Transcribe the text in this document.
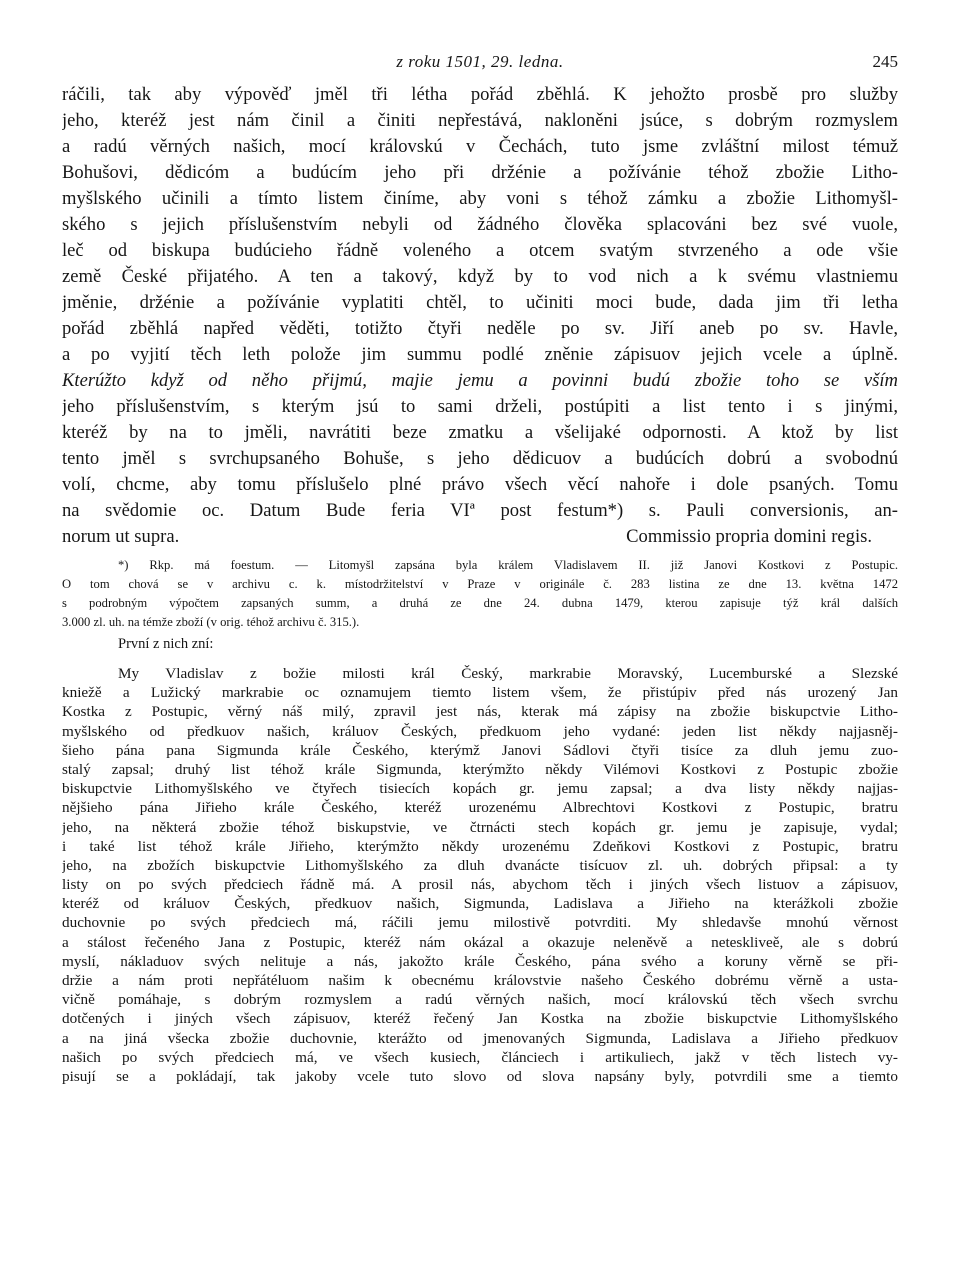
z roku 1501, 29. ledna.	245
ráčili, tak aby výpověď jměl tři létha pořád zběhlá. K jehožto prosbě pro služby
jeho, kteréž jest nám činil a činiti nepřestává, nakloněni jsúce, s dobrým rozmyslem
a radú věrných našich, mocí královskú v Čechách, tuto jsme zvláštní milost témuž
Bohušovi, dědicóm a budúcím jeho při držénie a požívánie téhož zbožie Litho-
myšlského učinili a tímto listem činíme, aby voni s téhož zámku a zbožie Lithomyšl-
ského s jejich příslušenstvím nebyli od žádného člověka splacováni bez své vuole,
leč od biskupa budúcieho řádně voleného a otcem svatým stvrzeného a ode všie
země České přijatého. A ten a takový, když by to vod nich a k svému vlastniemu
jměnie, držénie a požívánie vyplatiti chtěl, to učiniti moci bude, dada jim tři letha
pořád zběhlá napřed věděti, totižto čtyři neděle po sv. Jiří aneb po sv. Havle,
a po vyjití těch leth polože jim summu podlé zněnie zápisuov jejich vcele a úplně.
Kterúžto když od něho přijmú, majie jemu a povinni budú zbožie toho se vším
jeho příslušenstvím, s kterým jsú to sami drželi, postúpiti a list tento i s jinými,
kteréž by na to jměli, navrátiti beze zmatku a všelijaké odpornosti. A ktož by list
tento jměl s svrchupsaného Bohuše, s jeho dědicuov a budúcích dobrú a svobodnú
volí, chcme, aby tomu příslušelo plné právo všech věcí nahoře i dole psaných. Tomu
na svědomie oc. Datum Bude feria VIª post festum*) s. Pauli conversionis, an-
norum ut supra.	Commissio propria domini regis.
*) Rkp. má foestum. — Litomyšl zapsána byla králem Vladislavem II. již Janovi Kostkovi z Postupic.
O tom chová se v archivu c. k. místodržitelství v Praze v originále č. 283 listina ze dne 13. května 1472
s podrobným výpočtem zapsaných summ, a druhá ze dne 24. dubna 1479, kterou zapisuje týž král dalších
3.000 zl. uh. na témže zboží (v orig. téhož archivu č. 315.).
První z nich zní:
My Vladislav z božie milosti král Český, markrabie Moravský, Lucemburské a Slezské
kniežě a Lužický markrabie oc oznamujem tiemto listem všem, že přistúpiv před nás urozený Jan
Kostka z Postupic, věrný náš milý, zpravil jest nás, kterak má zápisy na zbožie biskupctvie Litho-
myšlského od předkuov našich, králuov Českých, předkuom jeho vydané: jeden list někdy najjasněj-
šieho pána pana Sigmunda krále Českého, kterýmž Janovi Sádlovi čtyři tisíce za dluh jemu zuo-
stalý zapsal; druhý list téhož krále Sigmunda, kterýmžto někdy Vilémovi Kostkovi z Postupic zbožie
biskupctvie Lithomyšlského ve čtyřech tisiecích kopách gr. jemu zapsal; a dva listy někdy najjas-
nějšieho pána Jiřieho krále Českého, kteréž urozenému Albrechtovi Kostkovi z Postupic, bratru
jeho, na některá zbožie téhož biskupstvie, ve čtrnácti stech kopách gr. jemu je zapisuje, vydal;
i také list téhož krále Jiřieho, kterýmžto někdy urozenému Zdeňkovi Kostkovi z Postupic, bratru
jeho, na zbožích biskupctvie Lithomyšlského za dluh dvanácte tisícuov zl. uh. dobrých připsal: a ty
listy on po svých předciech řádně má. A prosil nás, abychom těch i jiných všech listuov a zápisuov,
kteréž od králuov Českých, předkuov našich, Sigmunda, Ladislava a Jiřieho na kterážkoli zbožie
duchovnie po svých předciech má, ráčili jemu milostivě potvrditi. My shledavše mnohú věrnost
a stálost řečeného Jana z Postupic, kteréž nám okázal a okazuje neleněvě a neteskliveě, ale s dobrú
myslí, nákladuov svých nelituje a nás, jakožto krále Českého, pána svého a koruny věrně se při-
držie a nám proti nepřátéluom našim k obecnému královstvie našeho Českého dobrému věrně a usta-
vičně pomáhaje, s dobrým rozmyslem a radú věrných našich, mocí královskú těch všech svrchu
dotčených i jiných všech zápisuov, kteréž řečený Jan Kostka na zbožie biskupctvie Lithomyšlského
a na jiná všecka zbožie duchovnie, kterážto od jmenovaných Sigmunda, Ladislava a Jiřieho předkuov
našich po svých předciech má, ve všech kusiech, článciech i artikuliech, jakž v těch listech vy-
pisují se a pokládají, tak jakoby vcele tuto slovo od slova napsány byly, potvrdili sme a tiemto
